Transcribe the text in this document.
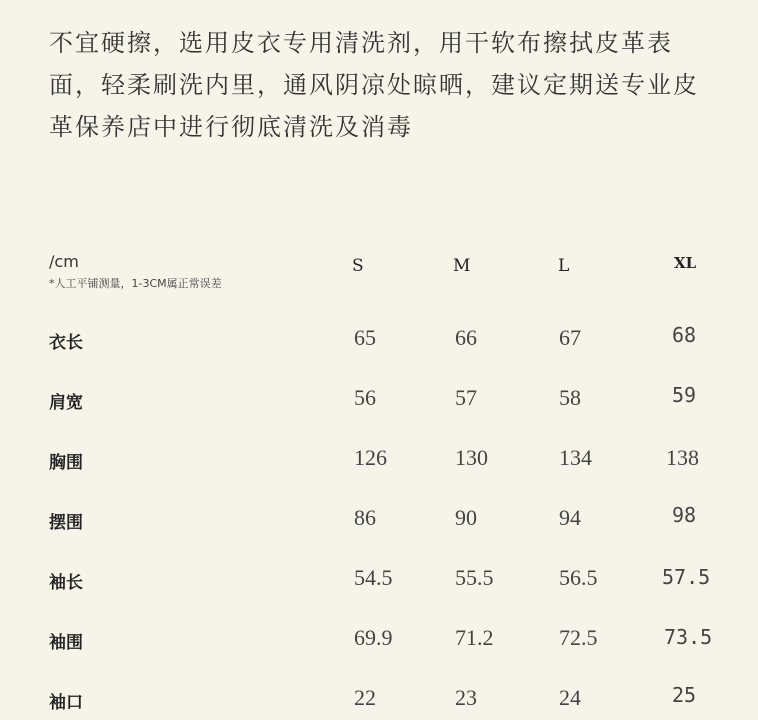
不宜硬擦，选用皮衣专用清洗剂，用干软布擦拭皮革表
面，轻柔刷洗内里，通风阴凉处晾晒，建议定期送专业皮
革保养店中进行彻底清洗及消毒

/cm
*人工平铺测量，1-3CM属正常误差
S	M	L	XL
衣长	65	66	67	68
肩宽	56	57	58	59
胸围	126	130	134	138
摆围	86	90	94	98
袖长	54.5	55.5	56.5	57.5
袖围	69.9	71.2	72.5	73.5
袖口	22	23	24	25
